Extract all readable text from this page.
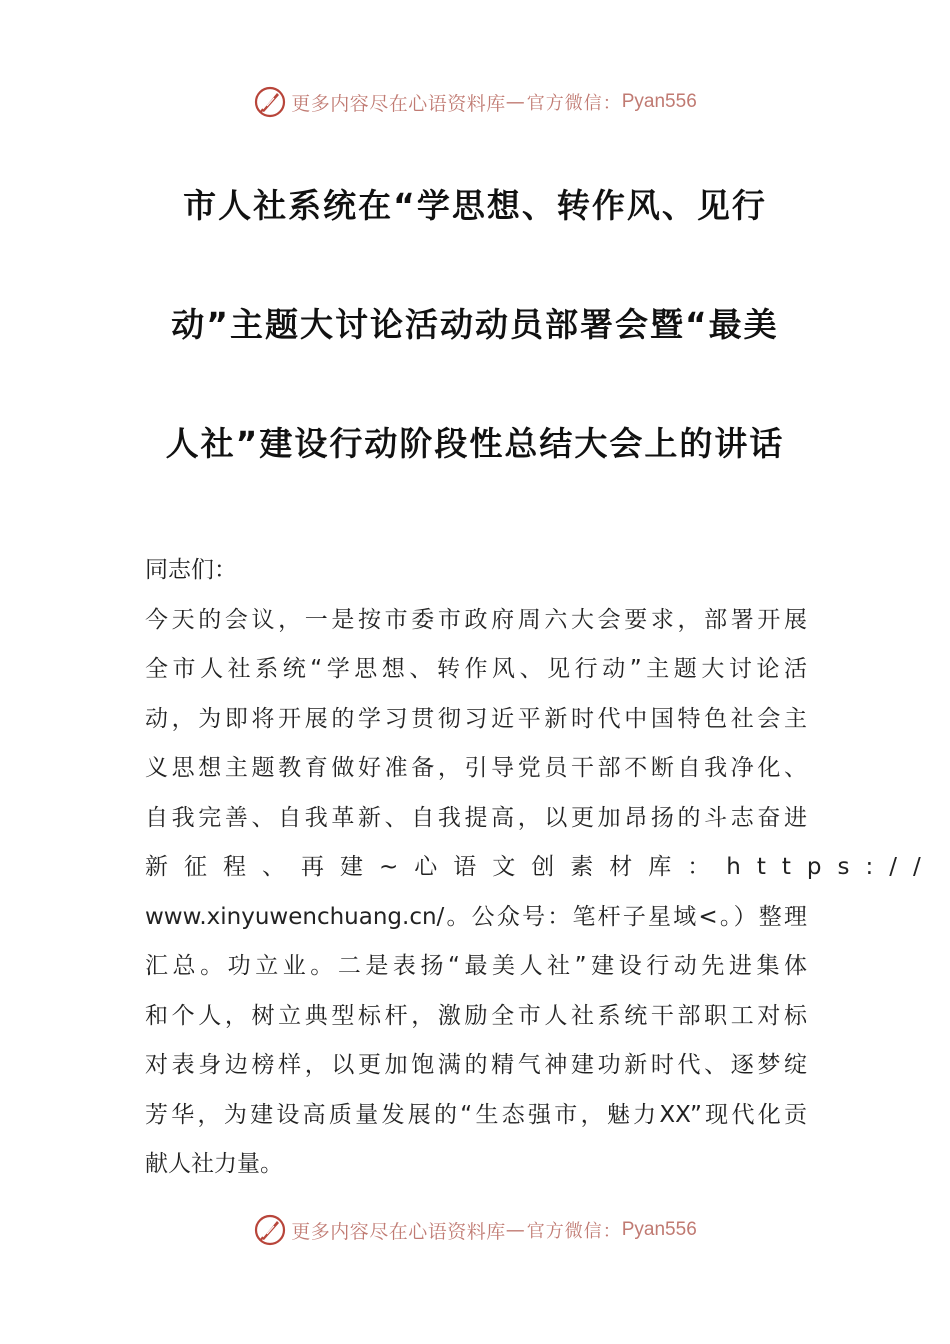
更多内容尽在心语资料库 — 官方微信： Pyan556
市人社系统在“学思想、转作风、见行
动”主题大讨论活动动员部署会暨“最美
人社”建设行动阶段性总结大会上的讲话
同志们：
今天的会议，一是按市委市政府周六大会要求，部署开展
全市人社系统“学思想、转作风、见行动”主题大讨论活
动，为即将开展的学习贯彻习近平新时代中国特色社会主
义思想主题教育做好准备，引导党员干部不断自我净化、
自我完善、自我革新、自我提高，以更加昂扬的斗志奋进
新征程、再建~心语文创素材库：https://
www.xinyuwenchuang.cn/。公众号：笔杆子星域<。）整理
汇总。功立业。二是表扬“最美人社”建设行动先进集体
和个人，树立典型标杆，激励全市人社系统干部职工对标
对表身边榜样，以更加饱满的精气神建功新时代、逐梦绽
芳华，为建设高质量发展的“生态强市，魅力XX”现代化贡
献人社力量。
更多内容尽在心语资料库 — 官方微信： Pyan556
